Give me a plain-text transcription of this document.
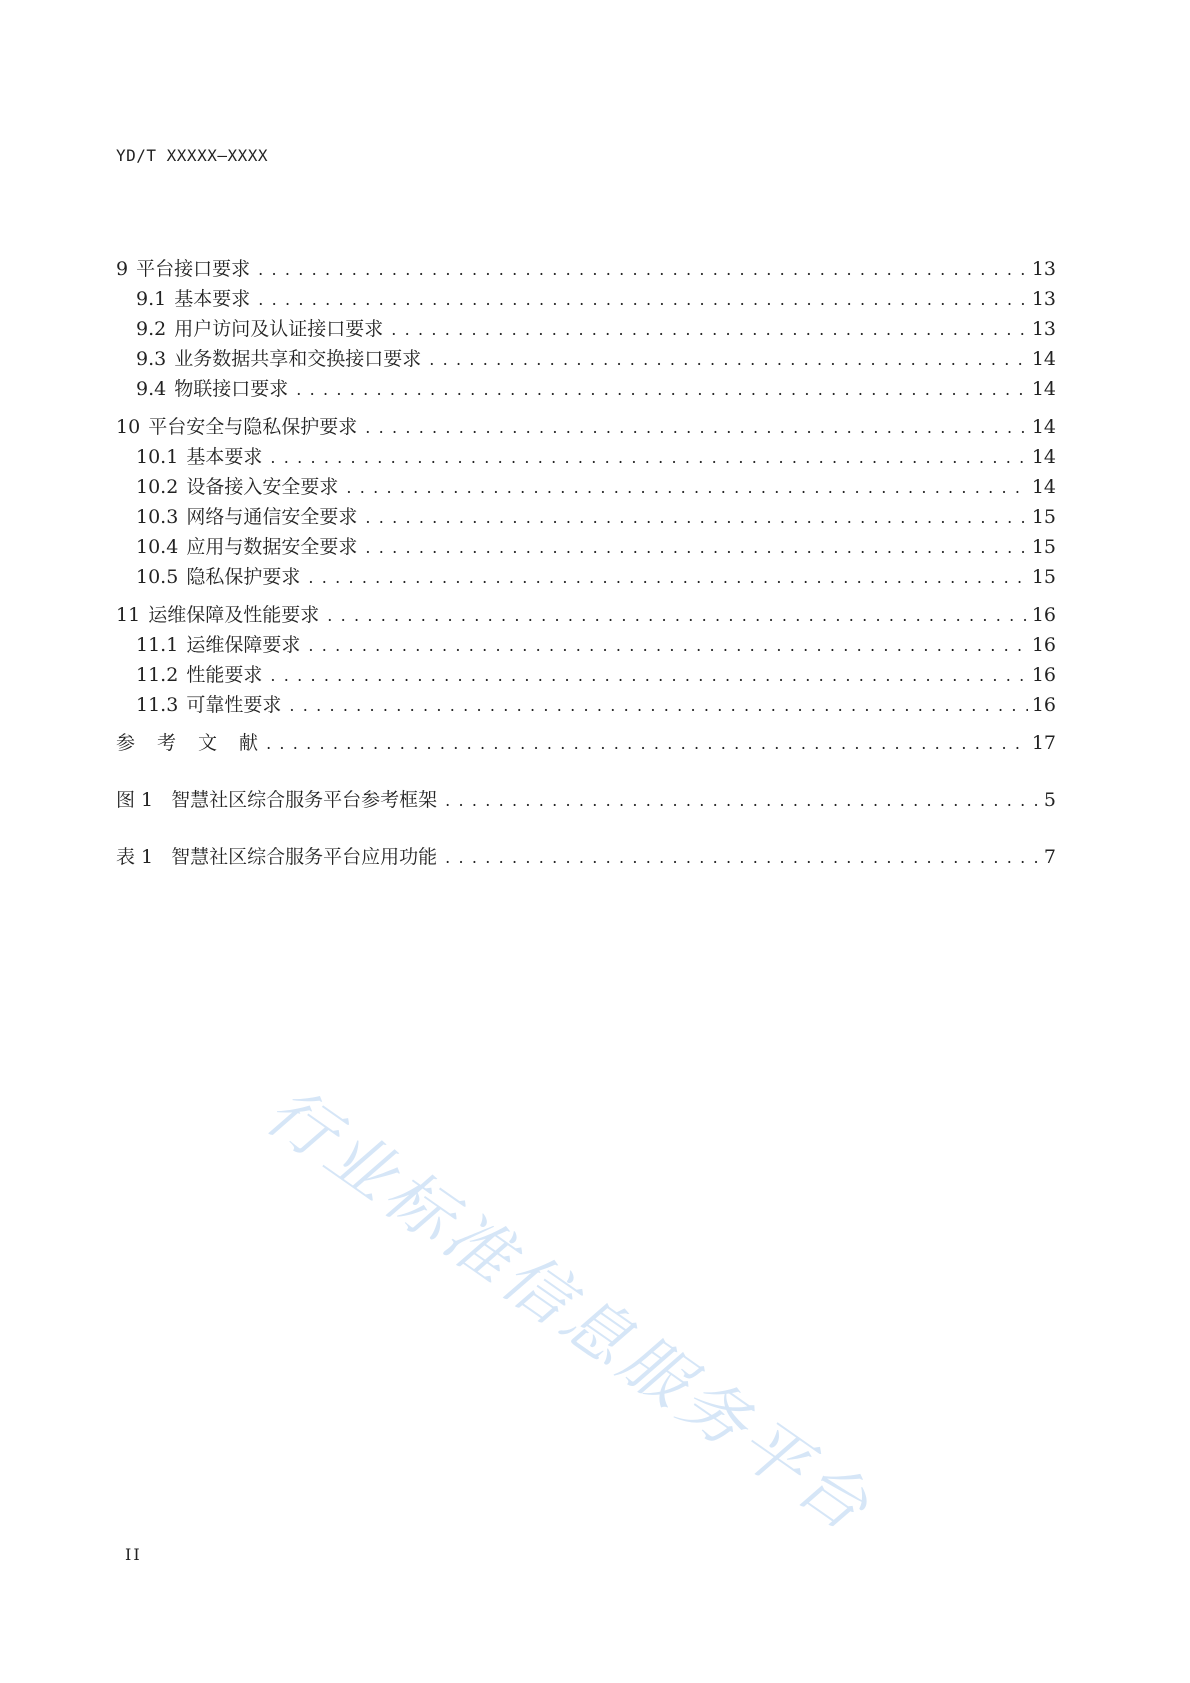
YD/T XXXXX—XXXX
9 平台接口要求 . . .	13
9.1 基本要求 . . .	13
9.2 用户访问及认证接口要求 . . .	13
9.3 业务数据共享和交换接口要求 . . .	14
9.4 物联接口要求 . . .	14
10 平台安全与隐私保护要求 . . .	14
10.1 基本要求 . . .	14
10.2 设备接入安全要求 . . .	14
10.3 网络与通信安全要求 . . .	15
10.4 应用与数据安全要求 . . .	15
10.5 隐私保护要求 . . .	15
11 运维保障及性能要求 . . .	16
11.1 运维保障要求 . . .	16
11.2 性能要求 . . .	16
11.3 可靠性要求 . . .	16
参 考 文 献 . . .	17
图 1 智慧社区综合服务平台参考框架 . . .	5
表 1 智慧社区综合服务平台应用功能 . . .	7
行业标准信息服务平台
II
